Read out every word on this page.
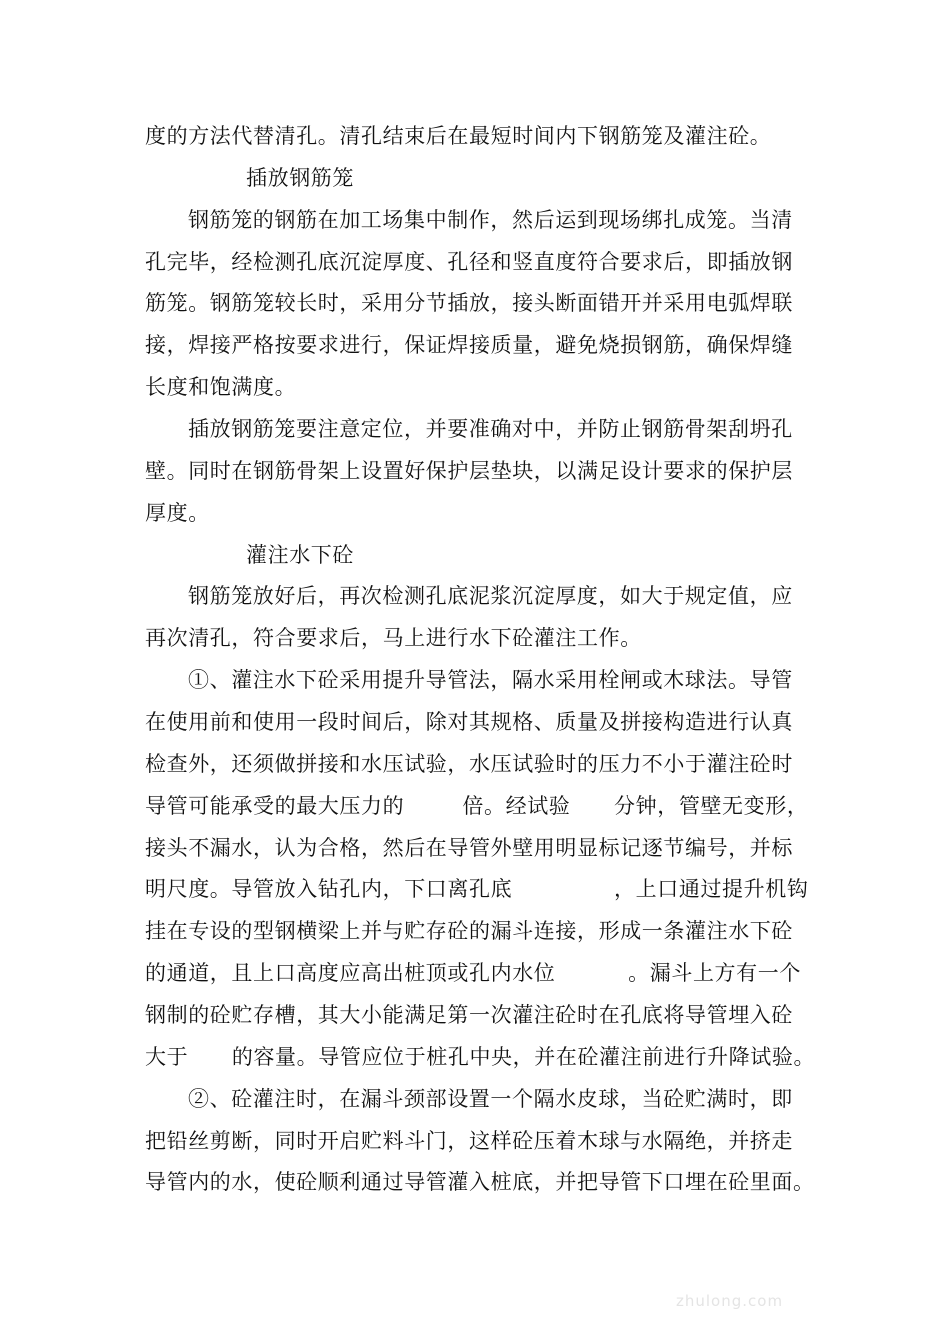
度的方法代替清孔。清孔结束后在最短时间内下钢筋笼及灌注砼。
插放钢筋笼
钢筋笼的钢筋在加工场集中制作，然后运到现场绑扎成笼。当清
孔完毕，经检测孔底沉淀厚度、孔径和竖直度符合要求后，即插放钢
筋笼。钢筋笼较长时，采用分节插放，接头断面错开并采用电弧焊联
接，焊接严格按要求进行，保证焊接质量，避免烧损钢筋，确保焊缝
长度和饱满度。
插放钢筋笼要注意定位，并要准确对中，并防止钢筋骨架刮坍孔
壁。同时在钢筋骨架上设置好保护层垫块，以满足设计要求的保护层
厚度。
灌注水下砼
钢筋笼放好后，再次检测孔底泥浆沉淀厚度，如大于规定值，应
再次清孔，符合要求后，马上进行水下砼灌注工作。
①、灌注水下砼采用提升导管法，隔水采用栓闸或木球法。导管
在使用前和使用一段时间后，除对其规格、质量及拼接构造进行认真
检查外，还须做拼接和水压试验，水压试验时的压力不小于灌注砼时
导管可能承受的最大压力的        倍。经试验      分钟，管壁无变形，
接头不漏水，认为合格，然后在导管外壁用明显标记逐节编号，并标
明尺度。导管放入钻孔内，下口离孔底              ，上口通过提升机钩
挂在专设的型钢横梁上并与贮存砼的漏斗连接，形成一条灌注水下砼
的通道，且上口高度应高出桩顶或孔内水位          。漏斗上方有一个
钢制的砼贮存槽，其大小能满足第一次灌注砼时在孔底将导管埋入砼
大于      的容量。导管应位于桩孔中央，并在砼灌注前进行升降试验。
②、砼灌注时，在漏斗颈部设置一个隔水皮球，当砼贮满时，即
把铅丝剪断，同时开启贮料斗门，这样砼压着木球与水隔绝，并挤走
导管内的水，使砼顺利通过导管灌入桩底，并把导管下口埋在砼里面。
zhulong.com
